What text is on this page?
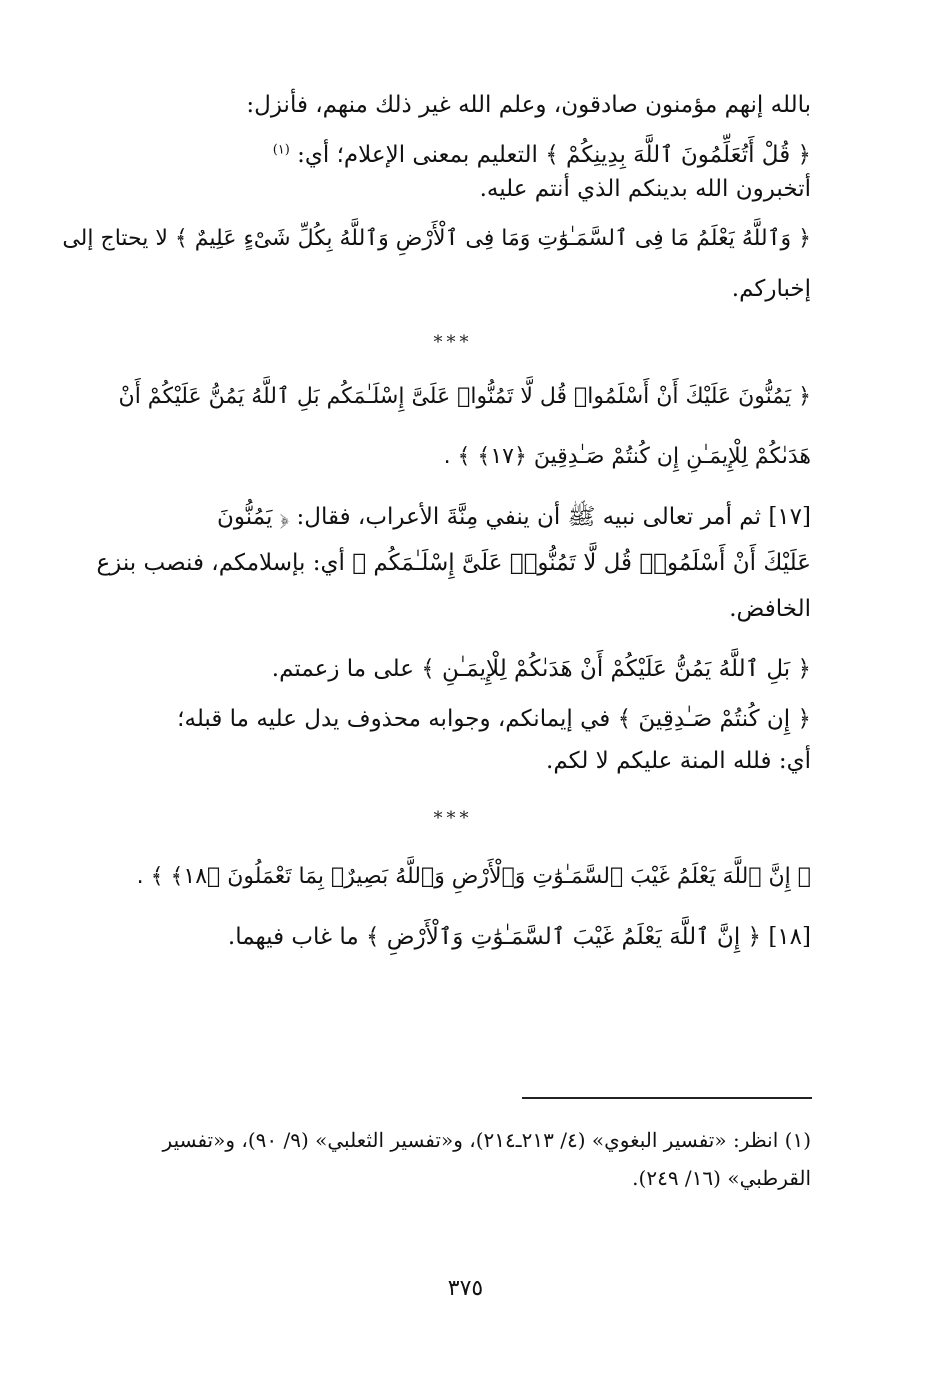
بالله إنهم مؤمنون صادقون، وعلم الله غير ذلك منهم، فأنزل:
﴿ قُلْ أَتُعَلِّمُونَ ٱللَّهَ بِدِينِكُمْ ﴾ التعليم بمعنى الإعلام؛ أي: $^{(١)}$
أتخبرون الله بدينكم الذي أنتم عليه.
﴿ وَٱللَّهُ يَعْلَمُ مَا فِى ٱلسَّمَـٰوَٰتِ وَمَا فِى ٱلْأَرْضِ وَٱللَّهُ بِكُلِّ شَىْءٍ عَلِيمٌ ﴾ لا يحتاج إلى
إخباركم.
***
﴿ يَمُنُّونَ عَلَيْكَ أَنْ أَسْلَمُوا۟ قُل لَّا تَمُنُّوا۟ عَلَىَّ إِسْلَـٰمَكُم بَلِ ٱللَّهُ يَمُنُّ عَلَيْكُمْ أَنْ
هَدَىٰكُمْ لِلْإِيمَـٰنِ إِن كُنتُمْ صَـٰدِقِينَ ﴿١٧﴾ ﴾ .
[١٧] ثم أمر تعالى نبيه ﷺ أن ينفي مِنَّةَ الأعراب، فقال: ﴿ يَمُنُّونَ
عَلَيْكَ أَنْ أَسْلَمُوا۟ قُل لَّا تَمُنُّوا۟ عَلَىَّ إِسْلَـٰمَكُم ﴾ أي: بإسلامكم، فنصب بنزع
الخافض.
﴿ بَلِ ٱللَّهُ يَمُنُّ عَلَيْكُمْ أَنْ هَدَىٰكُمْ لِلْإِيمَـٰنِ ﴾ على ما زعمتم.
﴿ إِن كُنتُمْ صَـٰدِقِينَ ﴾ في إيمانكم، وجوابه محذوف يدل عليه ما قبله؛
أي: فلله المنة عليكم لا لكم.
***
﴿ إِنَّ ٱللَّهَ يَعْلَمُ غَيْبَ ٱلسَّمَـٰوَٰتِ وَٱلْأَرْضِ وَٱللَّهُ بَصِيرٌۢ بِمَا تَعْمَلُونَ ﴿١٨﴾ ﴾ .
[١٨] ﴿ إِنَّ ٱللَّهَ يَعْلَمُ غَيْبَ ٱلسَّمَـٰوَٰتِ وَٱلْأَرْضِ ﴾ ما غاب فيهما.
(١) انظر: «تفسير البغوي» (٤/ ٢١٣ـ٢١٤)، و«تفسير الثعلبي» (٩/ ٩٠)، و«تفسير
القرطبي» (١٦/ ٢٤٩).
٣٧٥
